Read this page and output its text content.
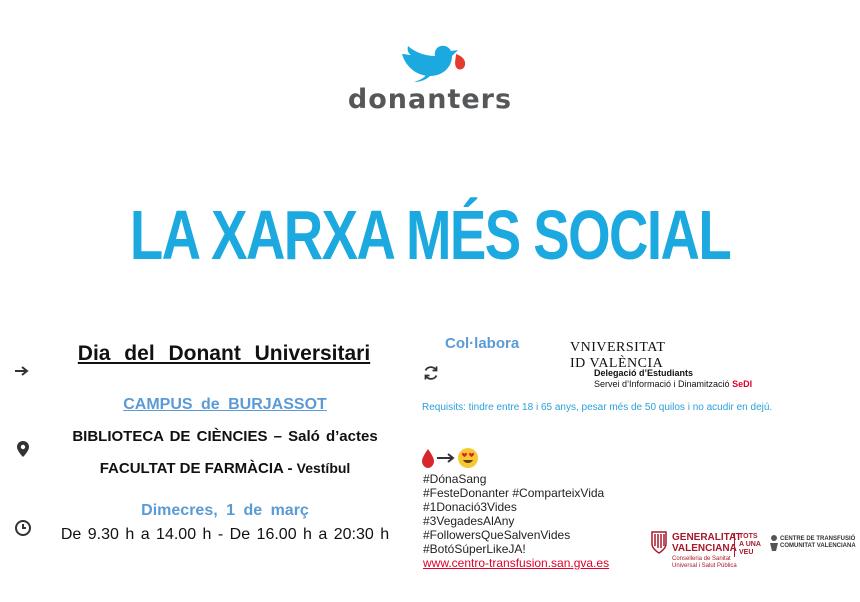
donanters
LA XARXA MÉS SOCIAL
Dia del Donant Universitari
CAMPUS de BURJASSOT
BIBLIOTECA DE CIÈNCIES – Saló d’actes
FACULTAT DE FARMÀCIA - Vestíbul
Dimecres, 1 de març
De 9.30 h a 14.00 h - De 16.00 h a 20:30 h
Col·labora	VNIVERSITAT
ID VALÈNCIA
Delegació d’Estudiants
Servei d’Informació i Dinamització SeDI
Requisits: tindre entre 18 i 65 anys, pesar més de 50 quilos i no acudir en dejú.
#DónaSang
#FesteDonanter #ComparteixVida
#1Donació3Vides
#3VegadesAlAny
#FollowersQueSalvenVides
#BotóSúperLikeJA!
www.centro-transfusion.san.gva.es
GENERALITAT
VALENCIANA
Conselleria de Sanitat
Universal i Salut Pública
TOTS
A UNA
VEU
CENTRE DE TRANSFUSIÓ
COMUNITAT VALENCIANA
